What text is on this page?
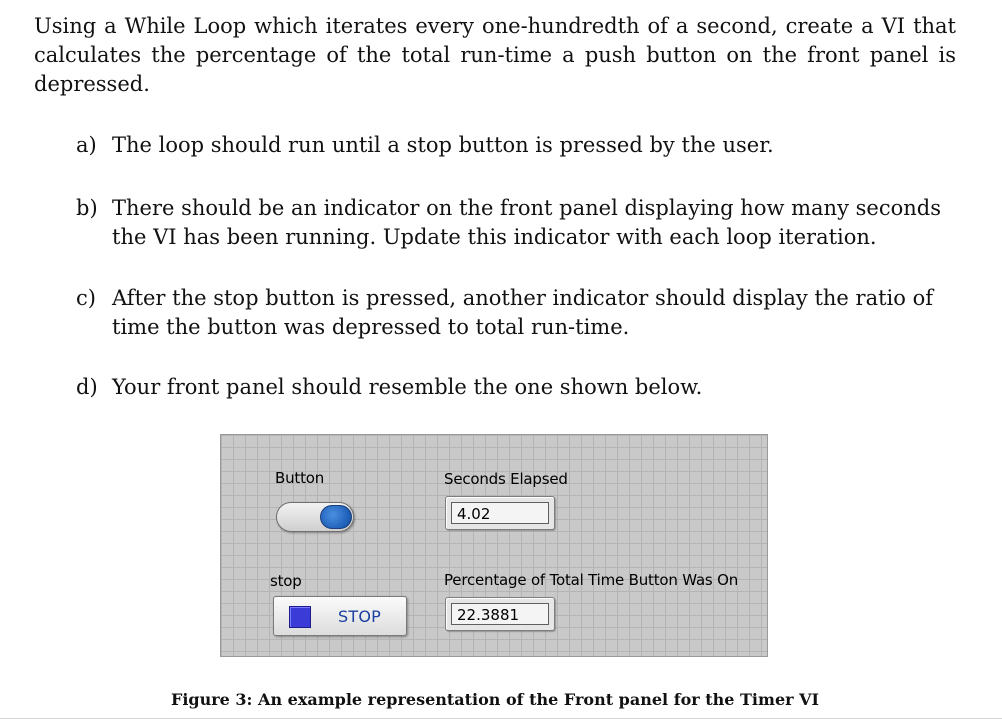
Using a While Loop which iterates every one-hundredth of a second, create a VI that calculates the percentage of the total run-time a push button on the front panel is depressed.

a) The loop should run until a stop button is pressed by the user.
b) There should be an indicator on the front panel displaying how many seconds the VI has been running. Update this indicator with each loop iteration.
c) After the stop button is pressed, another indicator should display the ratio of time the button was depressed to total run-time.
d) Your front panel should resemble the one shown below.
Button	Seconds Elapsed
4.02
stop
STOP
Percentage of Total Time Button Was On
22.3881

Figure 3: An example representation of the Front panel for the Timer VI
